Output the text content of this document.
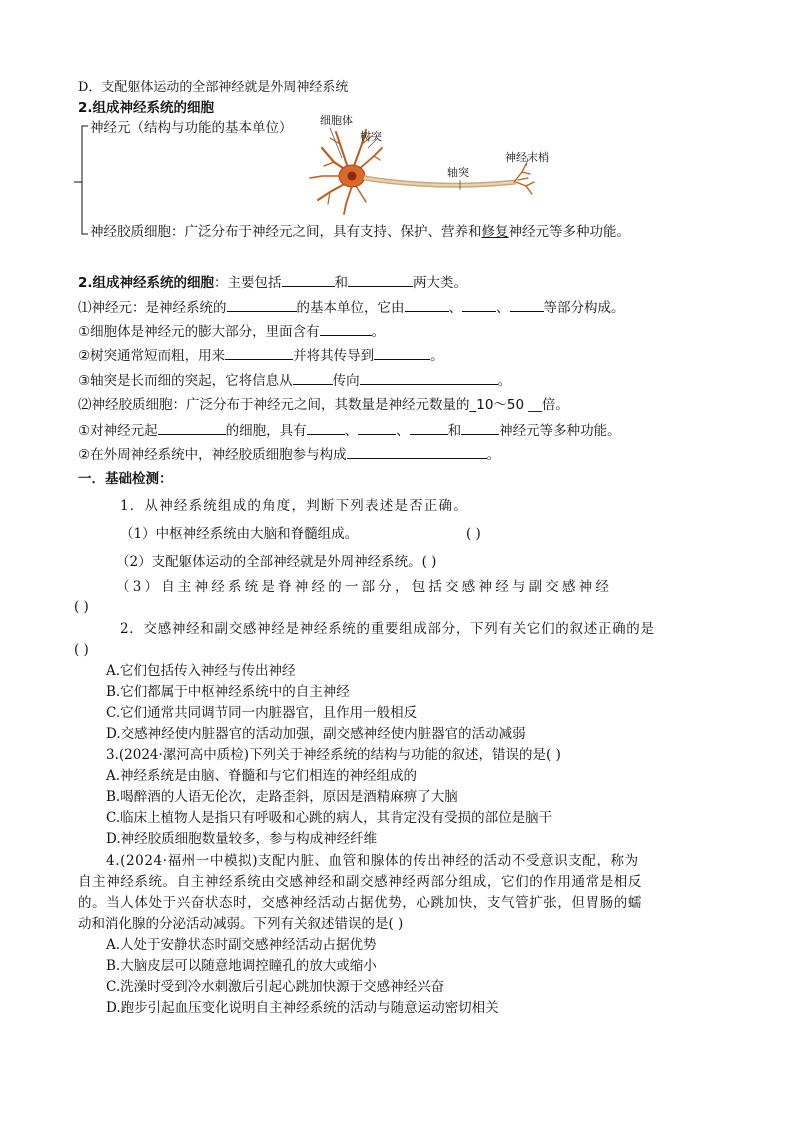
D．支配躯体运动的全部神经就是外周神经系统
2.组成神经系统的细胞
神经元（结构与功能的基本单位）	细胞体
树突
轴突
神经末梢
神经胶质细胞：广泛分布于神经元之间，具有支持、保护、营养和修复神经元等多种功能。
2.组成神经系统的细胞：主要包括	和	两大类。
⑴神经元：是神经系统的	的基本单位，它由	、	、	等部分构成。
①细胞体是神经元的膨大部分，里面含有	。
②树突通常短而粗，用来	并将其传导到	。
③轴突是长而细的突起，它将信息从	传向	。
⑵神经胶质细胞：广泛分布于神经元之间，其数量是神经元数量的_10～50 __倍。
①对神经元起	的细胞，具有	、	、	和	神经元等多种功能。
②在外周神经系统中，神经胶质细胞参与构成	。
一．基础检测：
1．从神经系统组成的角度，判断下列表述是否正确。
（1）中枢神经系统由大脑和脊髓组成。	( )
（2）支配躯体运动的全部神经就是外周神经系统。( )
（3）自主神经系统是脊神经的一部分，包括交感神经与副交感神经
( )
2．交感神经和副交感神经是神经系统的重要组成部分，下列有关它们的叙述正确的是
( )
A.它们包括传入神经与传出神经
B.它们都属于中枢神经系统中的自主神经
C.它们通常共同调节同一内脏器官，且作用一般相反
D.交感神经使内脏器官的活动加强，副交感神经使内脏器官的活动减弱
3.(2024·漯河高中质检)下列关于神经系统的结构与功能的叙述，错误的是( )
A.神经系统是由脑、脊髓和与它们相连的神经组成的
B.喝醉酒的人语无伦次，走路歪斜，原因是酒精麻痹了大脑
C.临床上植物人是指只有呼吸和心跳的病人，其肯定没有受损的部位是脑干
D.神经胶质细胞数量较多，参与构成神经纤维
4.(2024·福州一中模拟)支配内脏、血管和腺体的传出神经的活动不受意识支配，称为
自主神经系统。自主神经系统由交感神经和副交感神经两部分组成，它们的作用通常是相反
的。当人体处于兴奋状态时，交感神经活动占据优势，心跳加快，支气管扩张，但胃肠的蠕
动和消化腺的分泌活动减弱。下列有关叙述错误的是( )
A.人处于安静状态时副交感神经活动占据优势
B.大脑皮层可以随意地调控瞳孔的放大或缩小
C.洗澡时受到冷水刺激后引起心跳加快源于交感神经兴奋
D.跑步引起血压变化说明自主神经系统的活动与随意运动密切相关
